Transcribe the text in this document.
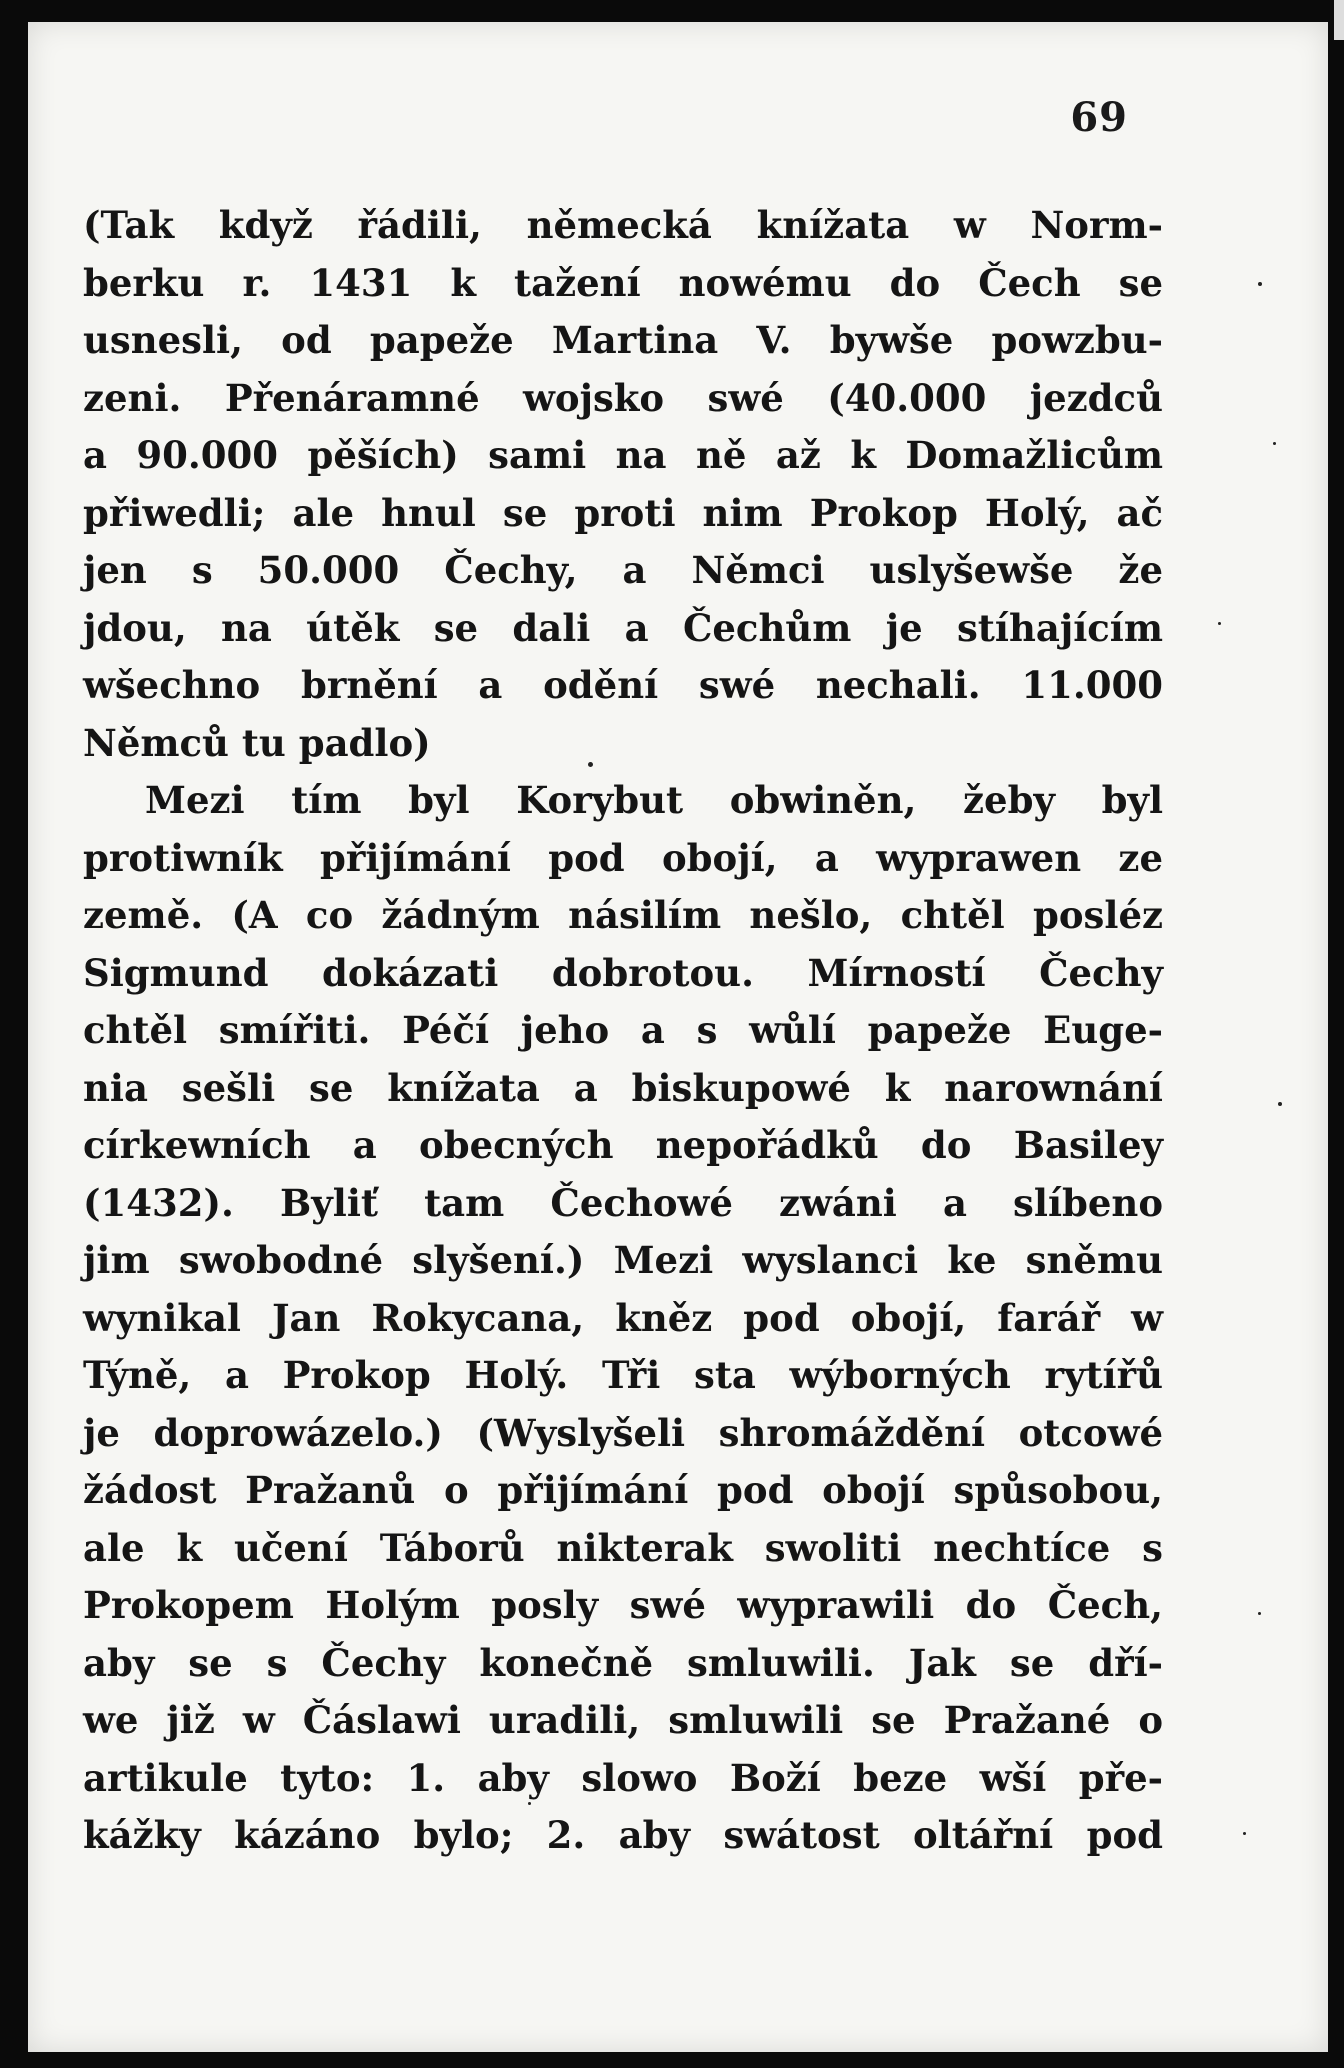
69
(Tak když řádili, německá knížata w Norm-
berku r. 1431 k tažení nowému do Čech se
usnesli, od papeže Martina V. bywše powzbu-
zeni. Přenáramné wojsko swé (40.000 jezdců
a 90.000 pěších) sami na ně až k Domažlicům
přiwedli; ale hnul se proti nim Prokop Holý, ač
jen s 50.000 Čechy, a Němci uslyšewše že
jdou, na útěk se dali a Čechům je stíhajícím
wšechno brnění a odění swé nechali. 11.000
Němců tu padlo)
Mezi tím byl Korybut obwiněn, žeby byl
protiwník přijímání pod obojí, a wyprawen ze
země. (A co žádným násilím nešlo, chtěl posléz
Sigmund dokázati dobrotou. Mírností Čechy
chtěl smířiti. Péčí jeho a s wůlí papeže Euge-
nia sešli se knížata a biskupowé k narownání
církewních a obecných nepořádků do Basiley
(1432). Byliť tam Čechowé zwáni a slíbeno
jim swobodné slyšení.) Mezi wyslanci ke sněmu
wynikal Jan Rokycana, kněz pod obojí, farář w
Týně, a Prokop Holý. Tři sta wýborných rytířů
je doprowázelo.) (Wyslyšeli shromáždění otcowé
žádost Pražanů o přijímání pod obojí spůsobou,
ale k učení Táborů nikterak swoliti nechtíce s
Prokopem Holým posly swé wyprawili do Čech,
aby se s Čechy konečně smluwili. Jak se dří-
we již w Čáslawi uradili, smluwili se Pražané o
artikule tyto: 1. aby slowo Boží beze wší pře-
kážky kázáno bylo; 2. aby swátost oltářní pod
